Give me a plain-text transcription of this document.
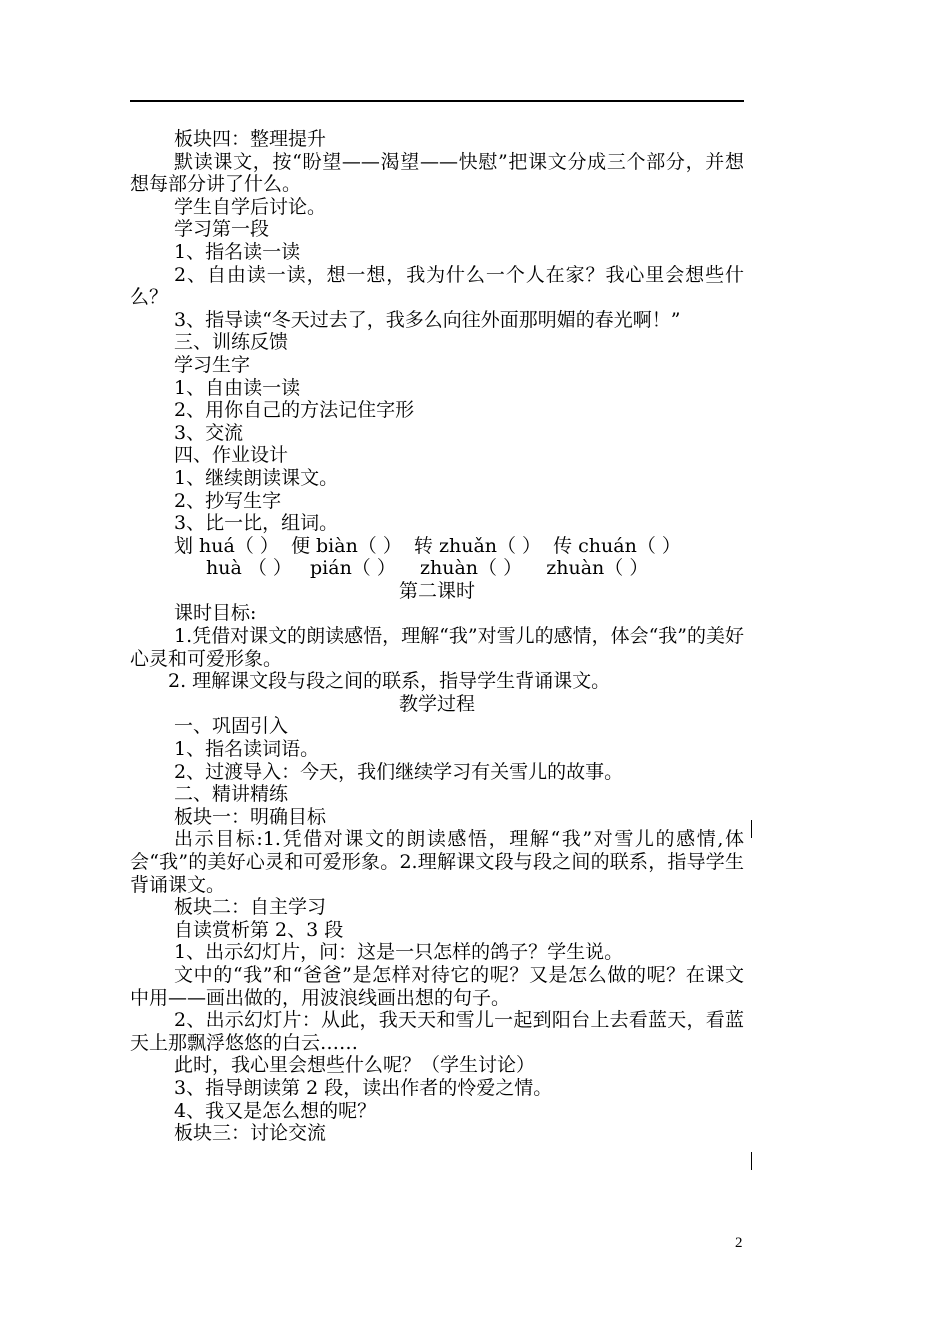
板块四：整理提升

默读课文，按“盼望——渴望——快慰”把课文分成三个部分，并想想每部分讲了什么。

学生自学后讨论。

学习第一段

1、指名读一读

2、自由读一读，想一想，我为什么一个人在家？我心里会想些什么？

3、指导读“冬天过去了，我多么向往外面那明媚的春光啊！”

三、训练反馈

学习生字

1、自由读一读

2、用你自己的方法记住字形

3、交流

四、作业设计

1、继续朗读课文。

2、抄写生字

3、比一比，组词。

划 huá（ ）  便 biàn（ ）  转 zhuǎn（ ）  传 chuán（ ）

huà （ ）   pián（ ）    zhuàn（ ）    zhuàn（ ）

第二课时

课时目标:

1.凭借对课文的朗读感悟，理解“我”对雪儿的感情，体会“我”的美好心灵和可爱形象。

2. 理解课文段与段之间的联系，指导学生背诵课文。

教学过程

一、巩固引入

1、指名读词语。

2、过渡导入：今天，我们继续学习有关雪儿的故事。

二、精讲精练

板块一：明确目标

出示目标:1.凭借对课文的朗读感悟，理解“我”对雪儿的感情,体会“我”的美好心灵和可爱形象。2.理解课文段与段之间的联系，指导学生背诵课文。

板块二：自主学习

自读赏析第 2、3 段

1、出示幻灯片，问：这是一只怎样的鸽子？学生说。

文中的“我”和“爸爸”是怎样对待它的呢？又是怎么做的呢？在课文中用——画出做的，用波浪线画出想的句子。

2、出示幻灯片：从此，我天天和雪儿一起到阳台上去看蓝天，看蓝天上那飘浮悠悠的白云……

此时，我心里会想些什么呢？（学生讨论）

3、指导朗读第 2 段，读出作者的怜爱之情。

4、我又是怎么想的呢？

板块三：讨论交流

2
